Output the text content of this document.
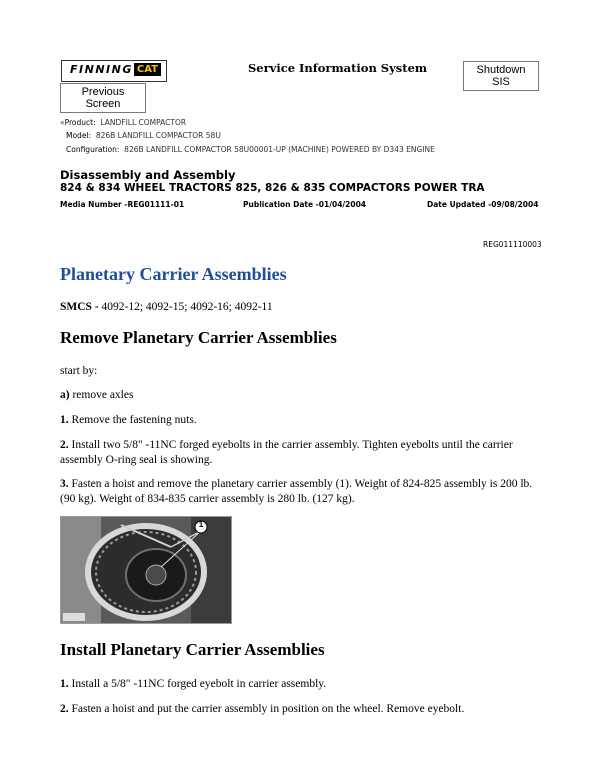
FINNING CAT	Service Information System	Shutdown SIS
Previous Screen
«Product: LANDFILL COMPACTOR
Model: 826B LANDFILL COMPACTOR 58U
Configuration: 826B LANDFILL COMPACTOR 58U00001-UP (MACHINE) POWERED BY D343 ENGINE
Disassembly and Assembly
824 & 834 WHEEL TRACTORS 825, 826 & 835 COMPACTORS POWER TRA
Media Number -REG01111-01	Publication Date -01/04/2004	Date Updated -09/08/2004
REG011110003
Planetary Carrier Assemblies
SMCS - 4092-12; 4092-15; 4092-16; 4092-11
Remove Planetary Carrier Assemblies
start by:
a) remove axles
1. Remove the fastening nuts.
2. Install two 5/8" -11NC forged eyebolts in the carrier assembly. Tighten eyebolts until the carrier assembly O-ring seal is showing.
3. Fasten a hoist and remove the planetary carrier assembly (1). Weight of 824-825 assembly is 200 lb. (90 kg). Weight of 834-835 carrier assembly is 280 lb. (127 kg).
1
Install Planetary Carrier Assemblies
1. Install a 5/8" -11NC forged eyebolt in carrier assembly.
2. Fasten a hoist and put the carrier assembly in position on the wheel. Remove eyebolt.
